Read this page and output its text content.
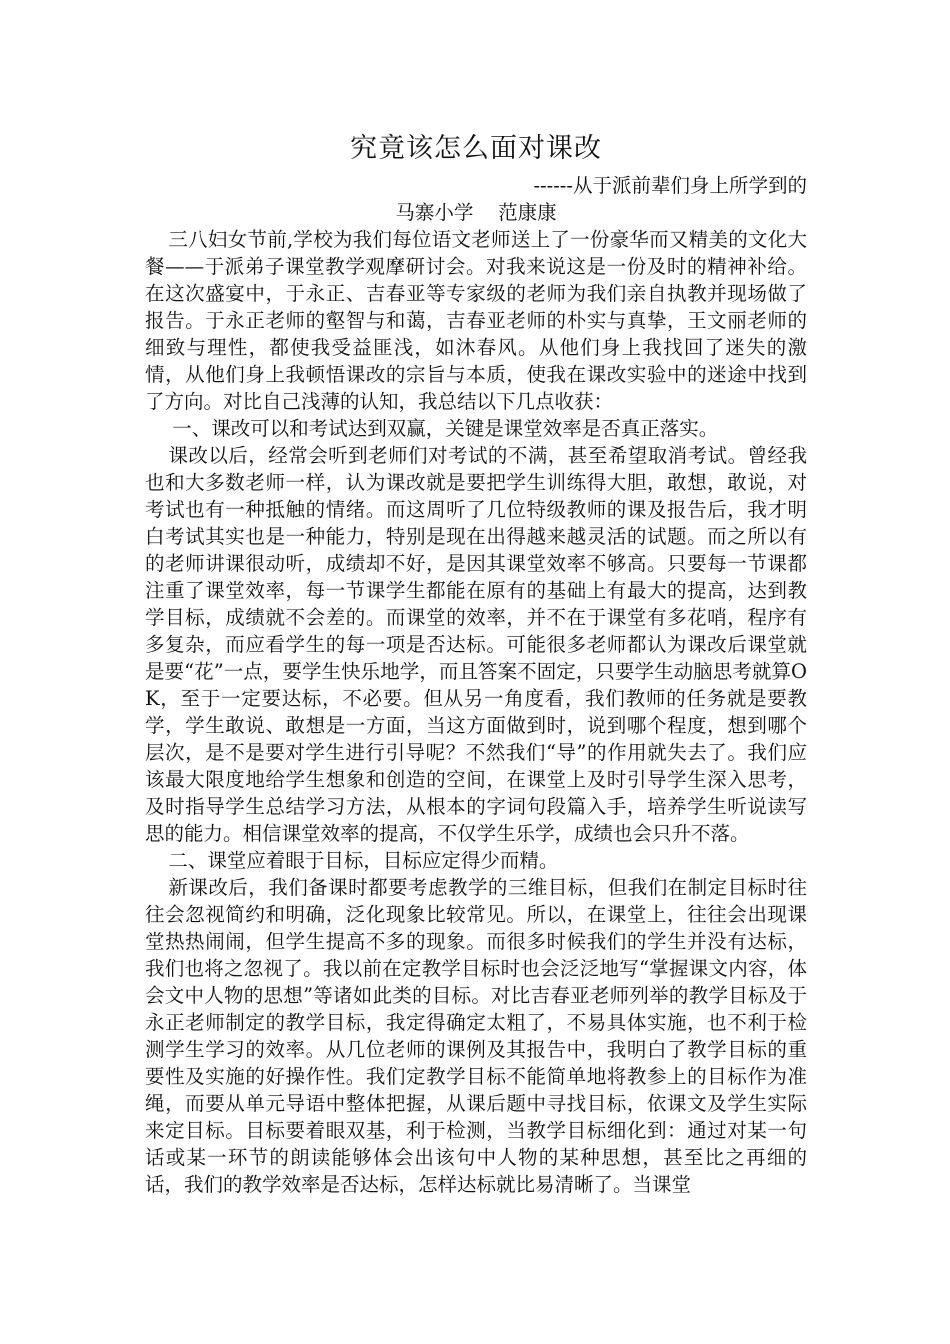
究竟该怎么面对课改

------从于派前辈们身上所学到的

马寨小学    范康康

三八妇女节前,学校为我们每位语文老师送上了一份豪华而又精美的文化大餐——于派弟子课堂教学观摩研讨会。对我来说这是一份及时的精神补给。在这次盛宴中，于永正、吉春亚等专家级的老师为我们亲自执教并现场做了报告。于永正老师的壑智与和蔼，吉春亚老师的朴实与真挚，王文丽老师的细致与理性，都使我受益匪浅，如沐春风。从他们身上我找回了迷失的激情，从他们身上我顿悟课改的宗旨与本质，使我在课改实验中的迷途中找到了方向。对比自己浅薄的认知，我总结以下几点收获：

一、课改可以和考试达到双赢，关键是课堂效率是否真正落实。

课改以后，经常会听到老师们对考试的不满，甚至希望取消考试。曾经我也和大多数老师一样，认为课改就是要把学生训练得大胆，敢想，敢说，对考试也有一种抵触的情绪。而这周听了几位特级教师的课及报告后，我才明白考试其实也是一种能力，特别是现在出得越来越灵活的试题。而之所以有的老师讲课很动听，成绩却不好，是因其课堂效率不够高。只要每一节课都注重了课堂效率，每一节课学生都能在原有的基础上有最大的提高，达到教学目标，成绩就不会差的。而课堂的效率，并不在于课堂有多花哨，程序有多复杂，而应看学生的每一项是否达标。可能很多老师都认为课改后课堂就是要“花”一点，要学生快乐地学，而且答案不固定，只要学生动脑思考就算OK，至于一定要达标，不必要。但从另一角度看，我们教师的任务就是要教学，学生敢说、敢想是一方面，当这方面做到时，说到哪个程度，想到哪个层次，是不是要对学生进行引导呢？不然我们“导”的作用就失去了。我们应该最大限度地给学生想象和创造的空间，在课堂上及时引导学生深入思考，及时指导学生总结学习方法，从根本的字词句段篇入手，培养学生听说读写思的能力。相信课堂效率的提高，不仅学生乐学，成绩也会只升不落。

二、课堂应着眼于目标，目标应定得少而精。

新课改后，我们备课时都要考虑教学的三维目标，但我们在制定目标时往往会忽视简约和明确，泛化现象比较常见。所以，在课堂上，往往会出现课堂热热闹闹，但学生提高不多的现象。而很多时候我们的学生并没有达标，我们也将之忽视了。我以前在定教学目标时也会泛泛地写“掌握课文内容，体会文中人物的思想”等诸如此类的目标。对比吉春亚老师列举的教学目标及于永正老师制定的教学目标，我定得确定太粗了，不易具体实施，也不利于检测学生学习的效率。从几位老师的课例及其报告中，我明白了教学目标的重要性及实施的好操作性。我们定教学目标不能简单地将教参上的目标作为准绳，而要从单元导语中整体把握，从课后题中寻找目标，依课文及学生实际来定目标。目标要着眼双基，利于检测，当教学目标细化到：通过对某一句话或某一环节的朗读能够体会出该句中人物的某种思想，甚至比之再细的话，我们的教学效率是否达标，怎样达标就比易清晰了。当课堂
